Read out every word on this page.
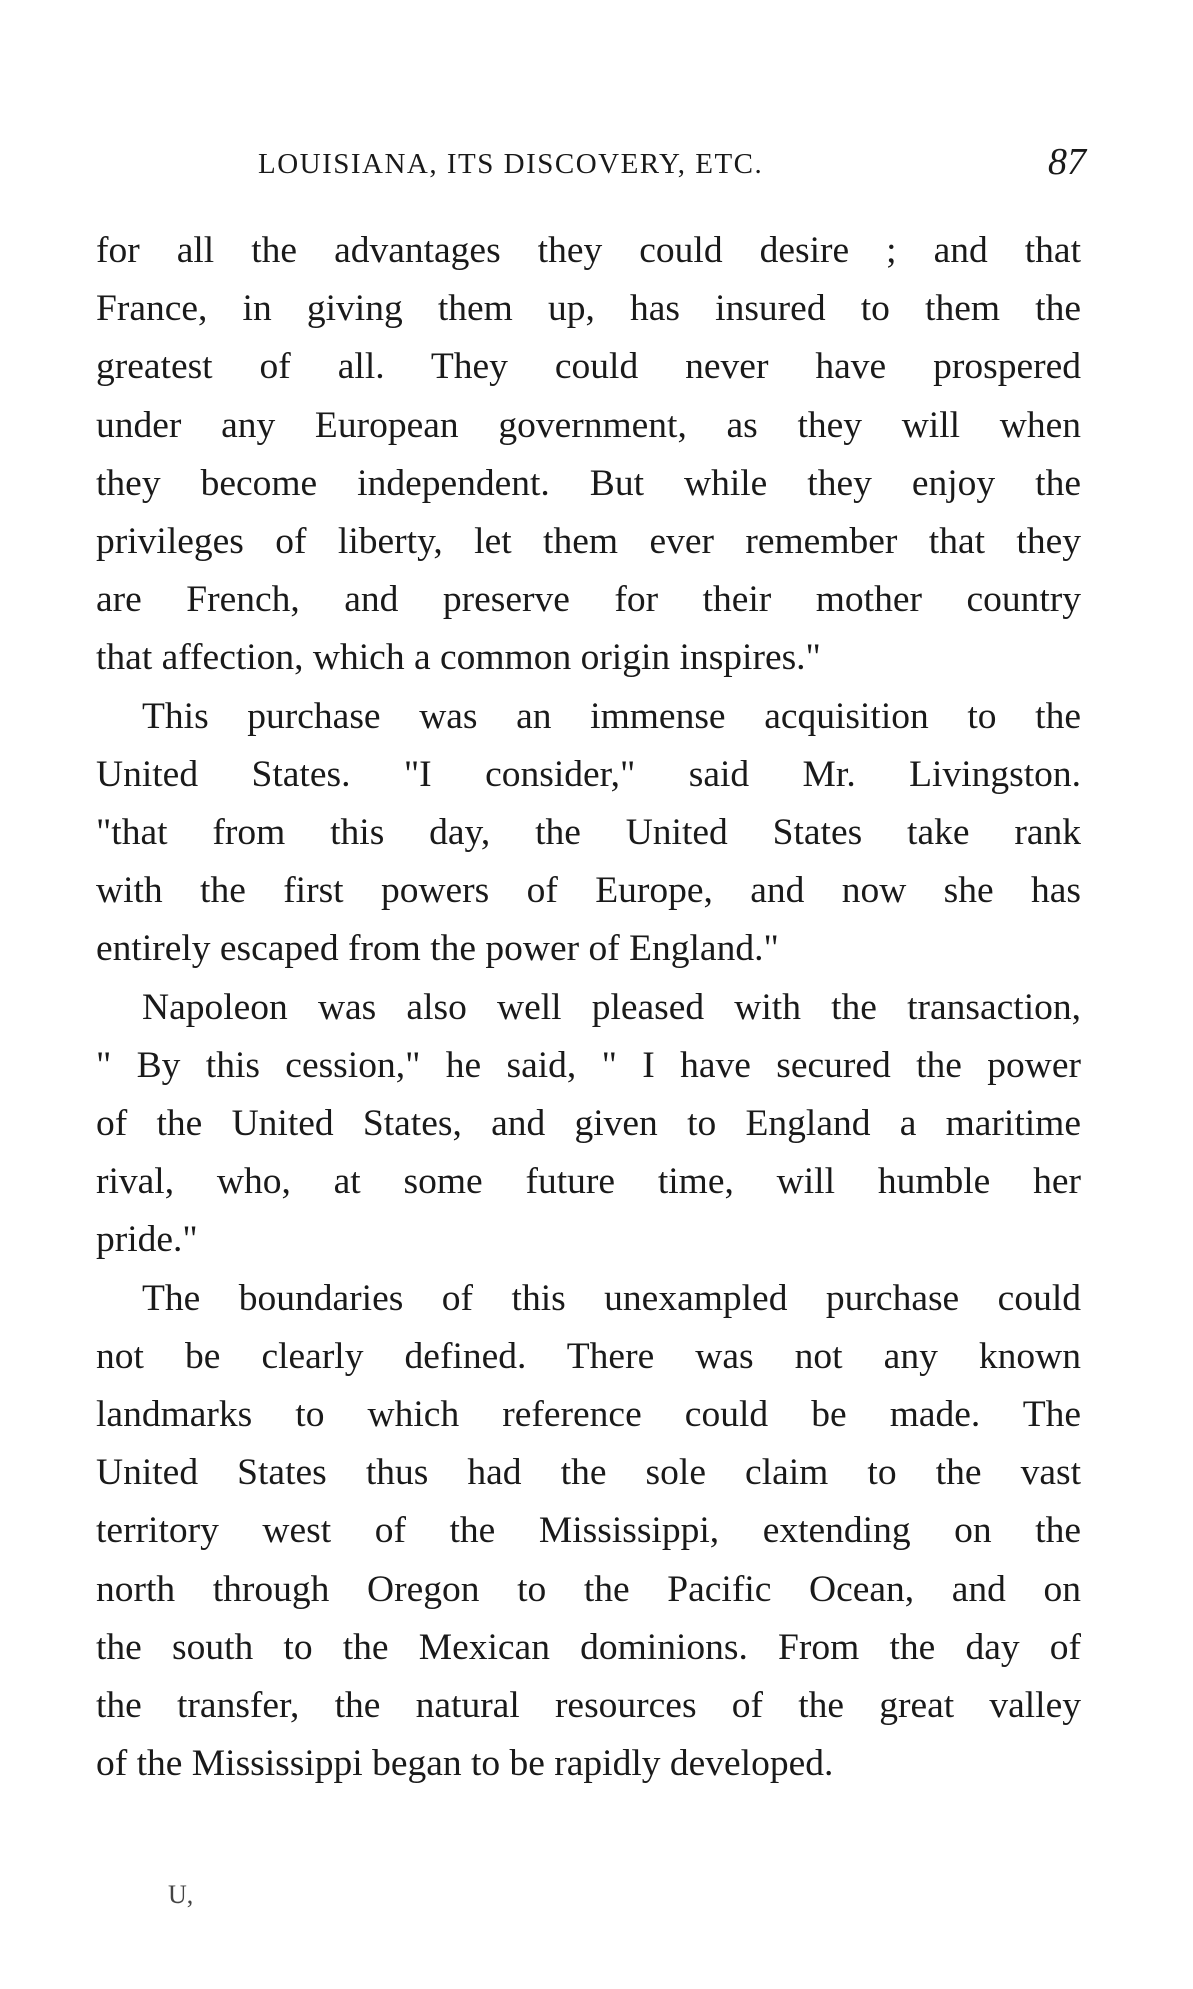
LOUISIANA, ITS DISCOVERY, ETC.	87

for all the advantages they could desire ; and that
France, in giving them up, has insured to them the
greatest of all. They could never have prospered
under any European government, as they will when
they become independent. But while they enjoy the
privileges of liberty, let them ever remember that they
are French, and preserve for their mother country
that affection, which a common origin inspires."

This purchase was an immense acquisition to the
United States. "I consider," said Mr. Livingston.
"that from this day, the United States take rank
with the first powers of Europe, and now she has
entirely escaped from the power of England."

Napoleon was also well pleased with the transaction,
" By this cession," he said, " I have secured the power
of the United States, and given to England a maritime
rival, who, at some future time, will humble her
pride."

The boundaries of this unexampled purchase could
not be clearly defined. There was not any known
landmarks to which reference could be made. The
United States thus had the sole claim to the vast
territory west of the Mississippi, extending on the
north through Oregon to the Pacific Ocean, and on
the south to the Mexican dominions. From the day of
the transfer, the natural resources of the great valley
of the Mississippi began to be rapidly developed.

U,
